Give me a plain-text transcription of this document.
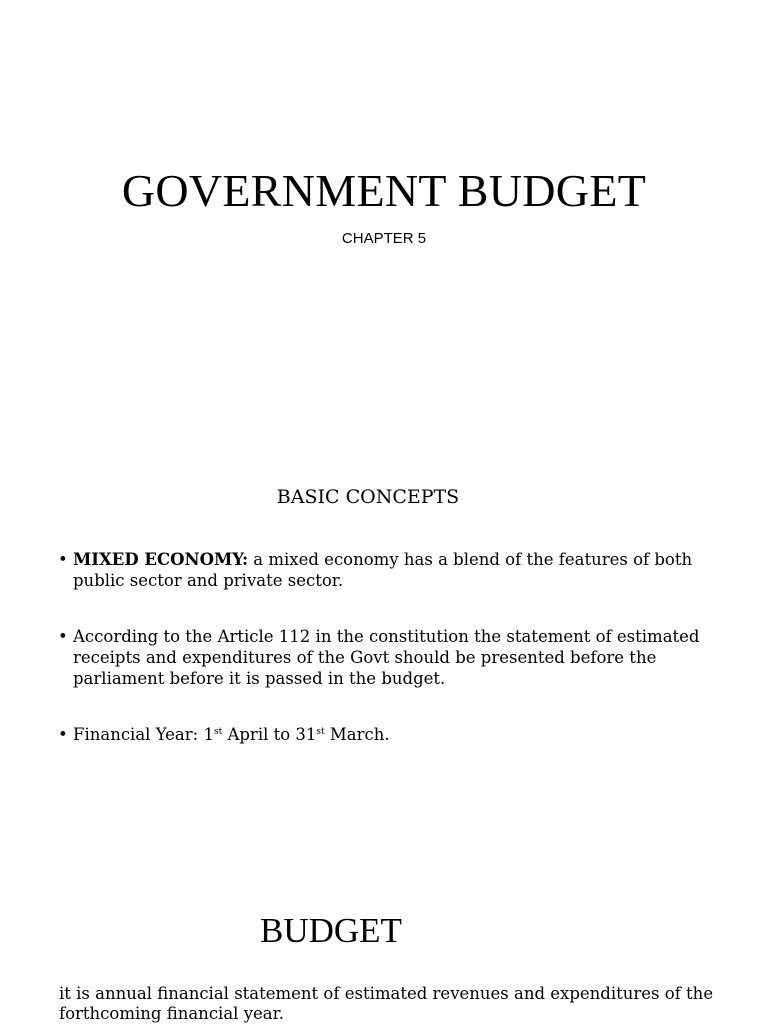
GOVERNMENT BUDGET
CHAPTER 5
BASIC CONCEPTS
• MIXED ECONOMY: a mixed economy has a blend of the features of both public sector and private sector.
• According to the Article 112 in the constitution the statement of estimated receipts and expenditures of the Govt should be presented before the parliament before it is passed in the budget.
• Financial Year: 1st April to 31st March.
BUDGET

it is annual financial statement of estimated revenues and expenditures of the forthcoming financial year.
